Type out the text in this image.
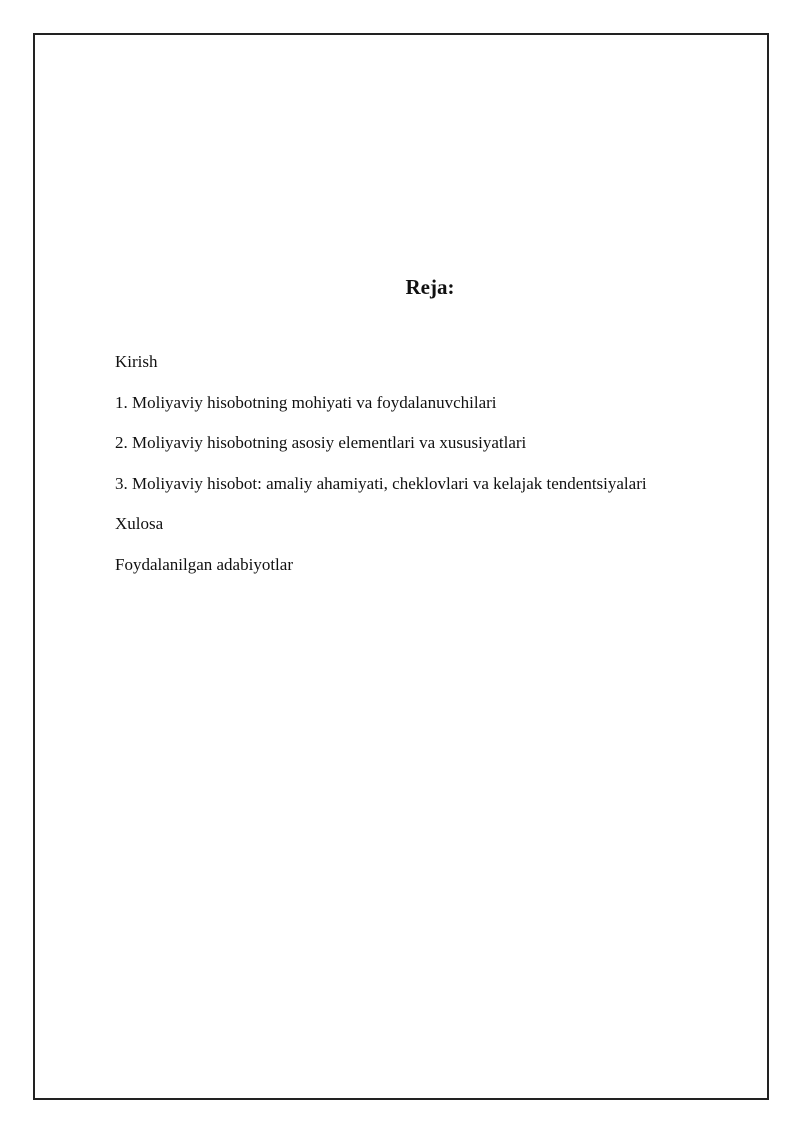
Reja:
Kirish
1. Moliyaviy hisobotning mohiyati va foydalanuvchilari
2. Moliyaviy hisobotning asosiy elementlari va xususiyatlari
3. Moliyaviy hisobot: amaliy ahamiyati, cheklovlari va kelajak tendentsiyalari
Xulosa
Foydalanilgan adabiyotlar
